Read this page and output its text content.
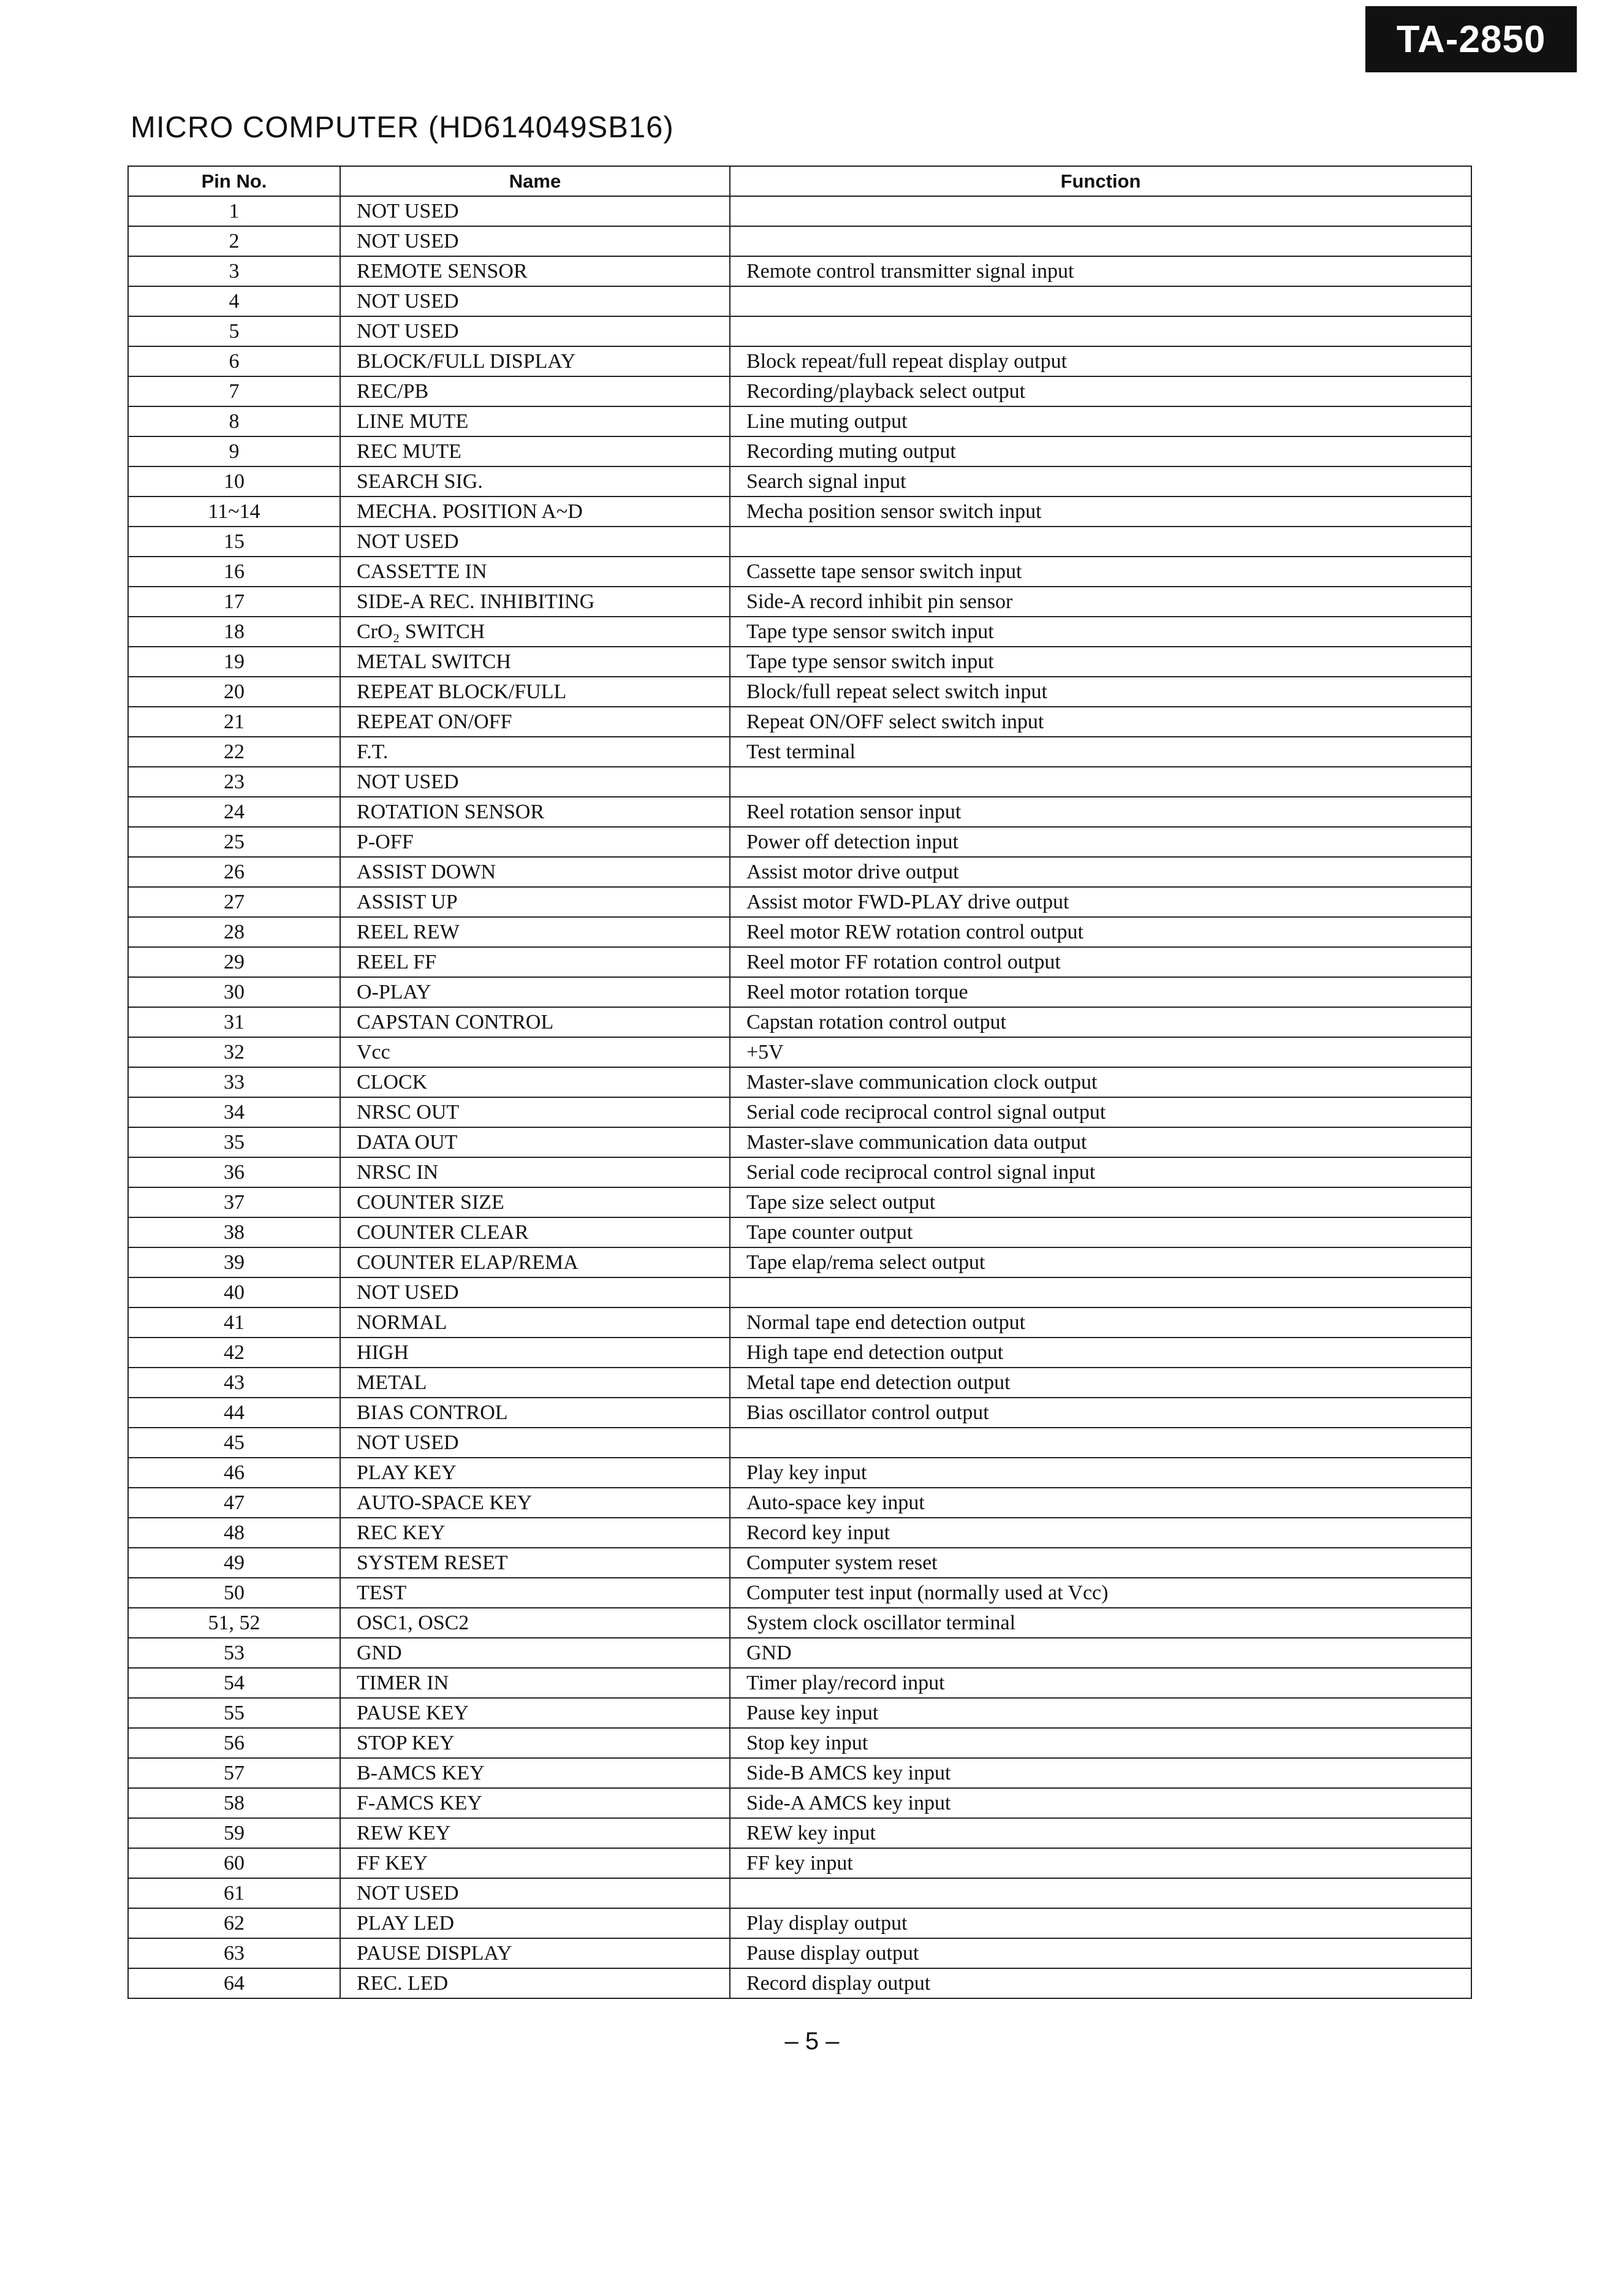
TA-2850
MICRO COMPUTER (HD614049SB16)
Pin No.	Name	Function
1	NOT USED	
2	NOT USED	
3	REMOTE SENSOR	Remote control transmitter signal input
4	NOT USED	
5	NOT USED	
6	BLOCK/FULL DISPLAY	Block repeat/full repeat display output
7	REC/PB	Recording/playback select output
8	LINE MUTE	Line muting output
9	REC MUTE	Recording muting output
10	SEARCH SIG.	Search signal input
11~14	MECHA. POSITION A~D	Mecha position sensor switch input
15	NOT USED	
16	CASSETTE IN	Cassette tape sensor switch input
17	SIDE-A REC. INHIBITING	Side-A record inhibit pin sensor
18	CrO₂ SWITCH	Tape type sensor switch input
19	METAL SWITCH	Tape type sensor switch input
20	REPEAT BLOCK/FULL	Block/full repeat select switch input
21	REPEAT ON/OFF	Repeat ON/OFF select switch input
22	F.T.	Test terminal
23	NOT USED	
24	ROTATION SENSOR	Reel rotation sensor input
25	P-OFF	Power off detection input
26	ASSIST DOWN	Assist motor drive output
27	ASSIST UP	Assist motor FWD-PLAY drive output
28	REEL REW	Reel motor REW rotation control output
29	REEL FF	Reel motor FF rotation control output
30	O-PLAY	Reel motor rotation torque
31	CAPSTAN CONTROL	Capstan rotation control output
32	Vcc	+5V
33	CLOCK	Master-slave communication clock output
34	NRSC OUT	Serial code reciprocal control signal output
35	DATA OUT	Master-slave communication data output
36	NRSC IN	Serial code reciprocal control signal input
37	COUNTER SIZE	Tape size select output
38	COUNTER CLEAR	Tape counter output
39	COUNTER ELAP/REMA	Tape elap/rema select output
40	NOT USED	
41	NORMAL	Normal tape end detection output
42	HIGH	High tape end detection output
43	METAL	Metal tape end detection output
44	BIAS CONTROL	Bias oscillator control output
45	NOT USED	
46	PLAY KEY	Play key input
47	AUTO-SPACE KEY	Auto-space key input
48	REC KEY	Record key input
49	SYSTEM RESET	Computer system reset
50	TEST	Computer test input (normally used at Vcc)
51, 52	OSC1, OSC2	System clock oscillator terminal
53	GND	GND
54	TIMER IN	Timer play/record input
55	PAUSE KEY	Pause key input
56	STOP KEY	Stop key input
57	B-AMCS KEY	Side-B AMCS key input
58	F-AMCS KEY	Side-A AMCS key input
59	REW KEY	REW key input
60	FF KEY	FF key input
61	NOT USED	
62	PLAY LED	Play display output
63	PAUSE DISPLAY	Pause display output
64	REC. LED	Record display output
– 5 –
